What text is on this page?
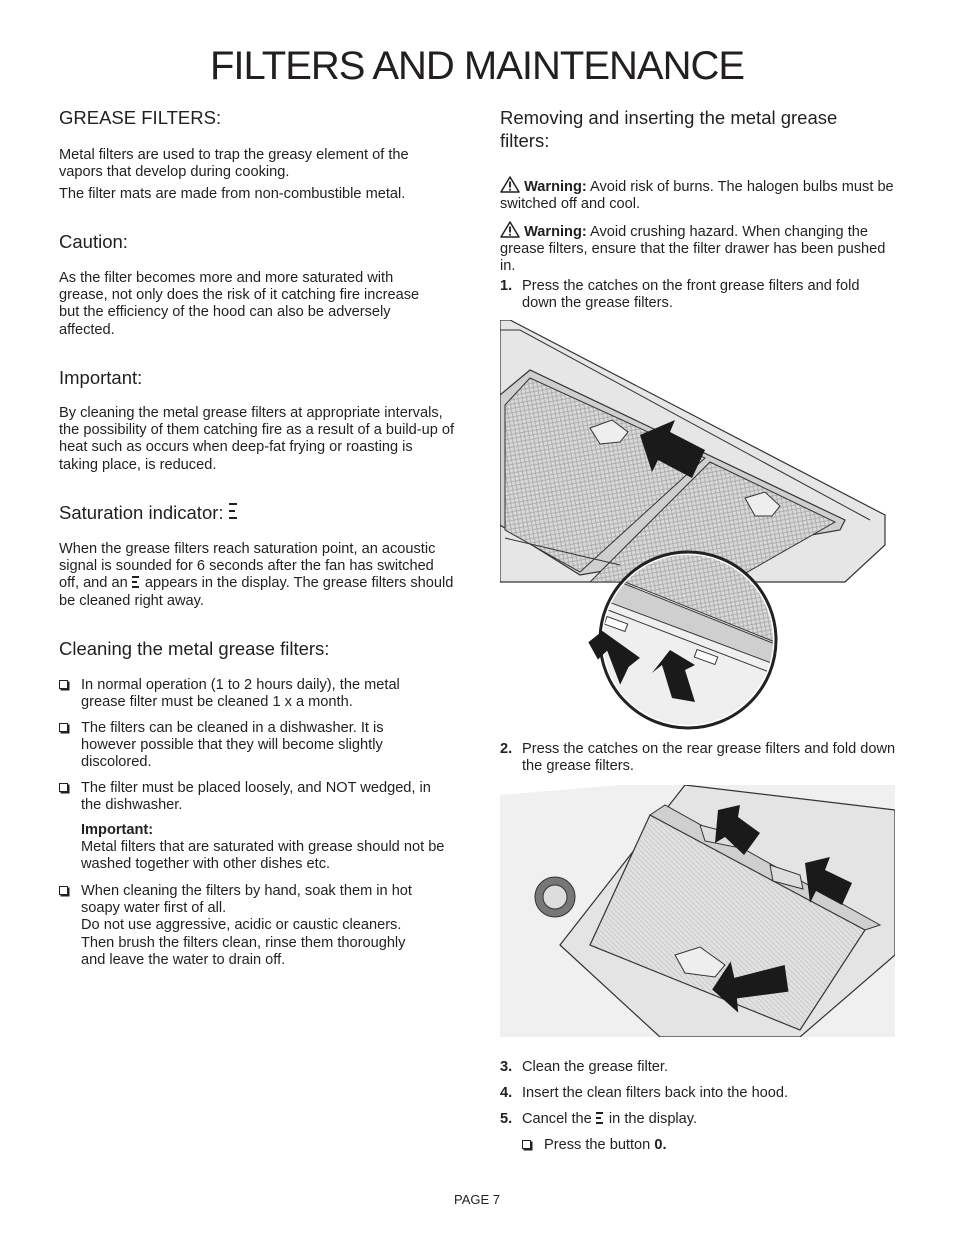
FILTERS AND MAINTENANCE
GREASE FILTERS:

Metal filters are used to trap the greasy element of the vapors that develop during cooking.

The filter mats are made from non-combustible metal.

Caution:

As the filter becomes more and more saturated with grease, not only does the risk of it catching fire increase but the efficiency of the hood can also be adversely affected.

Important:

By cleaning the metal grease filters at appropriate intervals, the possibility of them catching fire as a result of a build-up of heat such as occurs when deep-fat frying or roasting is taking place, is reduced.

Saturation indicator:

When the grease filters reach saturation point, an acoustic signal is sounded for 6 seconds after the fan has switched off, and an appears in the display. The grease filters should be cleaned right away.

Cleaning the metal grease filters:
In normal operation (1 to 2 hours daily), the metal grease filter must be cleaned 1 x a month.
The filters can be cleaned in a dishwasher. It is however possible that they will become slightly discolored.
The filter must be placed loosely, and NOT wedged, in the dishwasher.
Important:
Metal filters that are saturated with grease should not be washed together with other dishes etc.
When cleaning the filters by hand, soak them in hot soapy water first of all.
Do not use aggressive, acidic or caustic cleaners. Then brush the filters clean, rinse them thoroughly and leave the water to drain off.
Removing and inserting the metal grease filters:

Warning: Avoid risk of burns. The halogen bulbs must be switched off and cool.

Warning: Avoid crushing hazard. When changing the grease filters, ensure that the filter drawer has been pushed in.

1. Press the catches on the front grease filters and fold down the grease filters.
2. Press the catches on the rear grease filters and fold down the grease filters.
3. Clean the grease filter.
4. Insert the clean filters back into the hood.
5. Cancel the in the display.
Press the button 0.
PAGE 7
